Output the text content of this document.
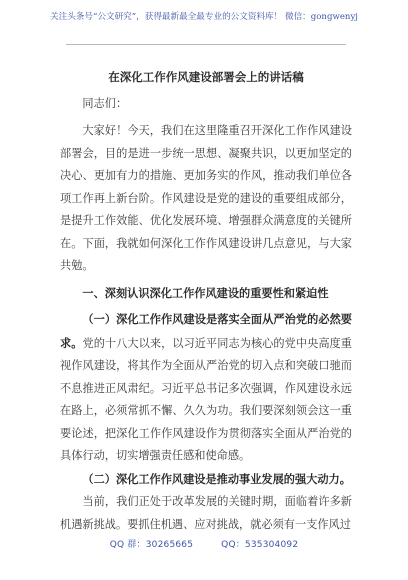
关注头条号“公文研究”，获得最新最全最专业的公文资料库！ 微信：gongwenyj
在深化工作作风建设部署会上的讲话稿

同志们：

大家好！今天，我们在这里隆重召开深化工作作风建设部署会，目的是进一步统一思想、凝聚共识，以更加坚定的决心、更加有力的措施、更加务实的作风，推动我们单位各项工作再上新台阶。作风建设是党的建设的重要组成部分，是提升工作效能、优化发展环境、增强群众满意度的关键所在。下面，我就如何深化工作作风建设讲几点意见，与大家共勉。

一、深刻认识深化工作作风建设的重要性和紧迫性

（一）深化工作作风建设是落实全面从严治党的必然要求。党的十八大以来，以习近平同志为核心的党中央高度重视作风建设，将其作为全面从严治党的切入点和突破口驰而不息推进正风肃纪。习近平总书记多次强调，作风建设永远在路上，必须常抓不懈、久久为功。我们要深刻领会这一重要论述，把深化工作作风建设作为贯彻落实全面从严治党的具体行动，切实增强责任感和使命感。

（二）深化工作作风建设是推动事业发展的强大动力。

当前，我们正处于改革发展的关键时期，面临着许多新机遇新挑战。要抓住机遇、应对挑战，就必须有一支作风过

QQ 群：30265665	QQ：535304092
